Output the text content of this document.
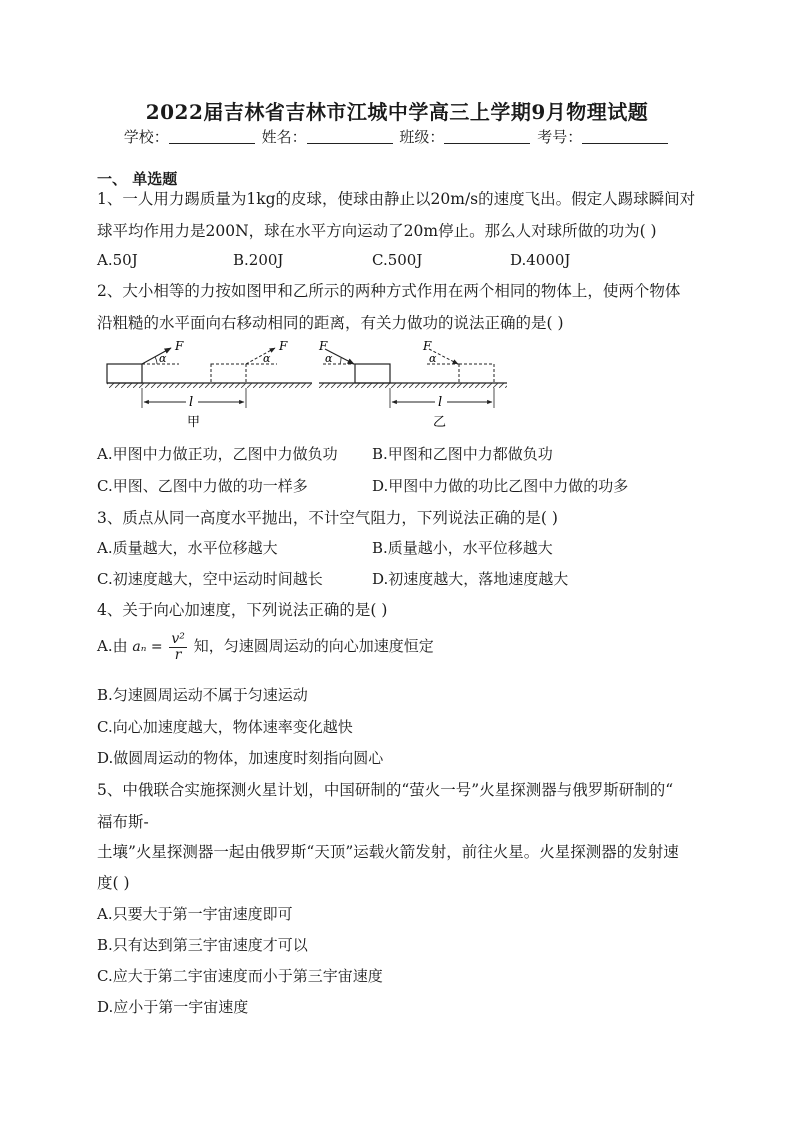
2022届吉林省吉林市江城中学高三上学期9月物理试题
学校：	姓名：	班级：	考号：
一、 单选题
1、一人用力踢质量为1kg的皮球，使球由静止以20m/s的速度飞出。假定人踢球瞬间对
球平均作用力是200N，球在水平方向运动了20m停止。那么人对球所做的功为( )
A.50J	B.200J	C.500J	D.4000J
2、大小相等的力按如图甲和乙所示的两种方式作用在两个相同的物体上，使两个物体
沿粗糙的水平面向右移动相同的距离，有关力做功的说法正确的是( )
F
α
F
α
l
甲
F
α
F
α
l
乙
A.甲图中力做正功，乙图中力做负功 B.甲图和乙图中力都做负功
C.甲图、乙图中力做的功一样多	D.甲图中力做的功比乙图中力做的功多
3、质点从同一高度水平抛出，不计空气阻力，下列说法正确的是( )
A.质量越大，水平位移越大	B.质量越小，水平位移越大
C.初速度越大，空中运动时间越长	D.初速度越大，落地速度越大
4、关于向心加速度，下列说法正确的是( )
A.由 $a_n = \frac{\text{v²}}{r}$ 知，匀速圆周运动的向心加速度恒定
B.匀速圆周运动不属于匀速运动
C.向心加速度越大，物体速率变化越快
D.做圆周运动的物体，加速度时刻指向圆心
5、中俄联合实施探测火星计划，中国研制的“萤火一号”火星探测器与俄罗斯研制的“
福布斯-
土壤”火星探测器一起由俄罗斯“天顶”运载火箭发射，前往火星。火星探测器的发射速
度( )
A.只要大于第一宇宙速度即可
B.只有达到第三宇宙速度才可以
C.应大于第二宇宙速度而小于第三宇宙速度
D.应小于第一宇宙速度
